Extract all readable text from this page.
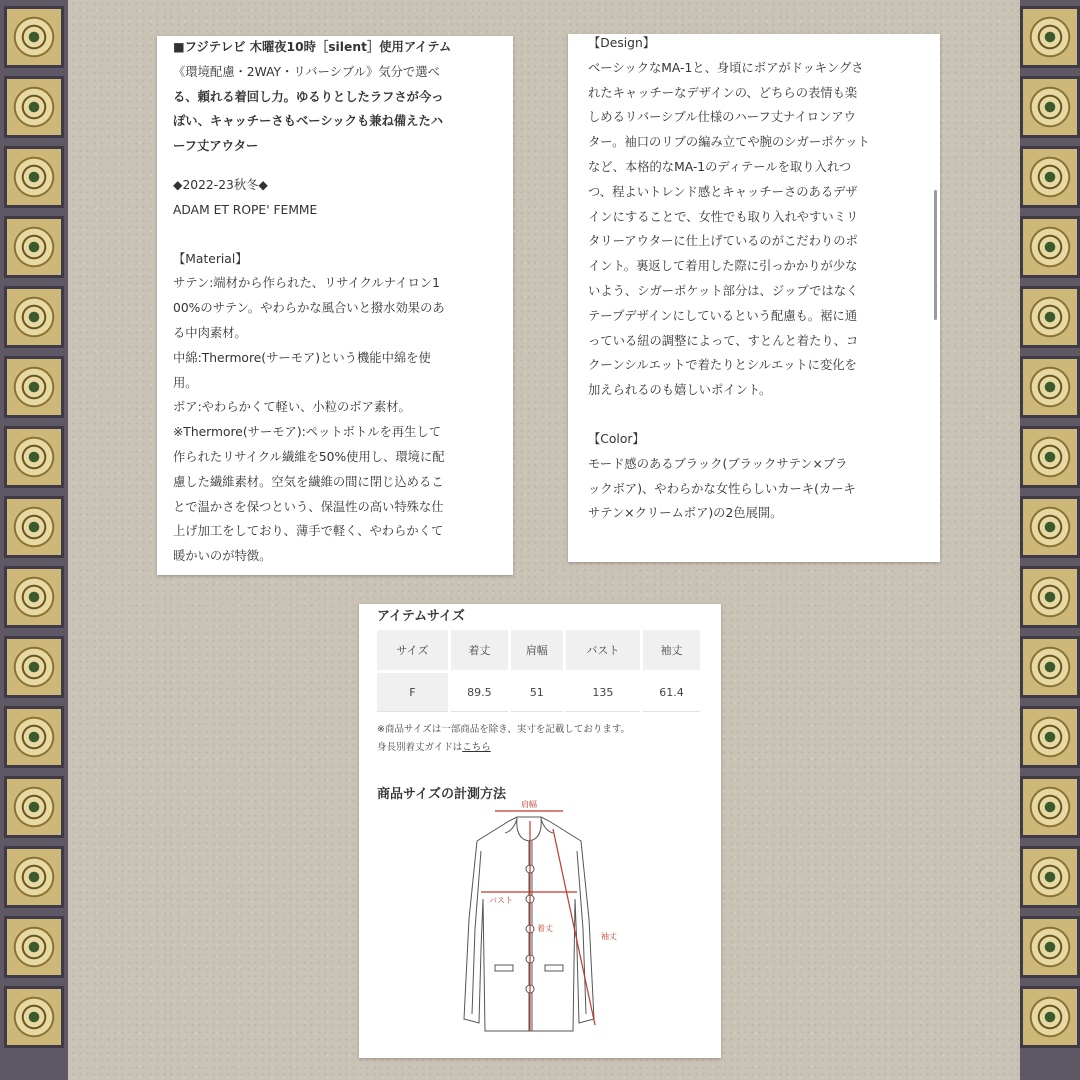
■フジテレビ 木曜夜10時［silent］使用アイテム

《環境配慮・2WAY・リバーシブル》気分で選べ

る、頼れる着回し力。ゆるりとしたラフさが今っ

ぽい、キャッチーさもベーシックも兼ね備えたハ

ーフ丈アウター

◆2022-23秋冬◆

ADAM ET ROPE' FEMME

【Material】

サテン:端材から作られた、リサイクルナイロン1

00%のサテン。やわらかな風合いと撥水効果のあ

る中肉素材。

中綿:Thermore(サーモア)という機能中綿を使

用。

ボア:やわらかくて軽い、小粒のボア素材。

※Thermore(サーモア):ペットボトルを再生して

作られたリサイクル繊維を50%使用し、環境に配

慮した繊維素材。空気を繊維の間に閉じ込めるこ

とで温かさを保つという、保温性の高い特殊な仕

上げ加工をしており、薄手で軽く、やわらかくて

暖かいのが特徴。

【Design】

ベーシックなMA-1と、身頃にボアがドッキングさ

れたキャッチーなデザインの、どちらの表情も楽

しめるリバーシブル仕様のハーフ丈ナイロンアウ

ター。袖口のリブの編み立てや腕のシガーポケット

など、本格的なMA-1のディテールを取り入れつ

つ、程よいトレンド感とキャッチーさのあるデザ

インにすることで、女性でも取り入れやすいミリ

タリーアウターに仕上げているのがこだわりのポ

イント。裏返して着用した際に引っかかりが少な

いよう、シガーポケット部分は、ジップではなく

テープデザインにしているという配慮も。裾に通

っている紐の調整によって、すとんと着たり、コ

クーンシルエットで着たりとシルエットに変化を

加えられるのも嬉しいポイント。

【Color】

モード感のあるブラック(ブラックサテン×ブラ

ックボア)、やわらかな女性らしいカーキ(カーキ

サテン×クリームボア)の2色展開。

アイテムサイズ
サイズ	着丈	肩幅	バスト	袖丈
F	89.5	51	135	61.4
※商品サイズは一部商品を除き、実寸を記載しております。
身長別着丈ガイドはこちら
商品サイズの計測方法
肩幅
バスト
着丈
袖丈
